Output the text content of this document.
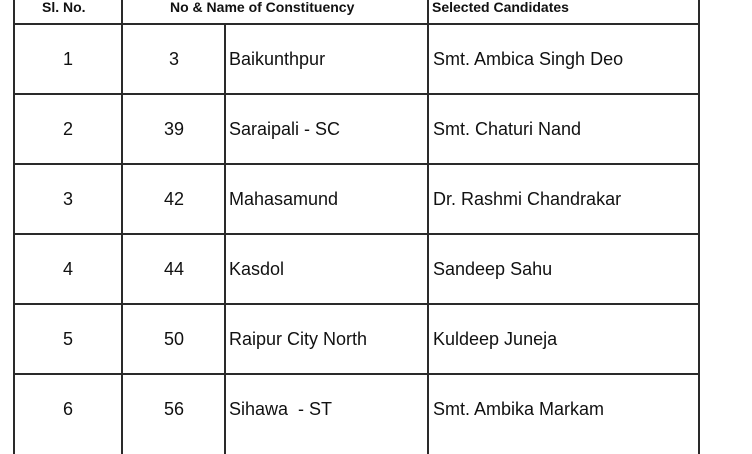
Sl. No.	No & Name of Constituency	Selected Candidates
1	3	Baikunthpur	Smt. Ambica Singh Deo
2	39	Saraipali - SC	Smt. Chaturi Nand
3	42	Mahasamund	Dr. Rashmi Chandrakar
4	44	Kasdol	Sandeep Sahu
5	50	Raipur City North	Kuldeep Juneja
6	56	Sihawa  - ST	Smt. Ambika Markam
